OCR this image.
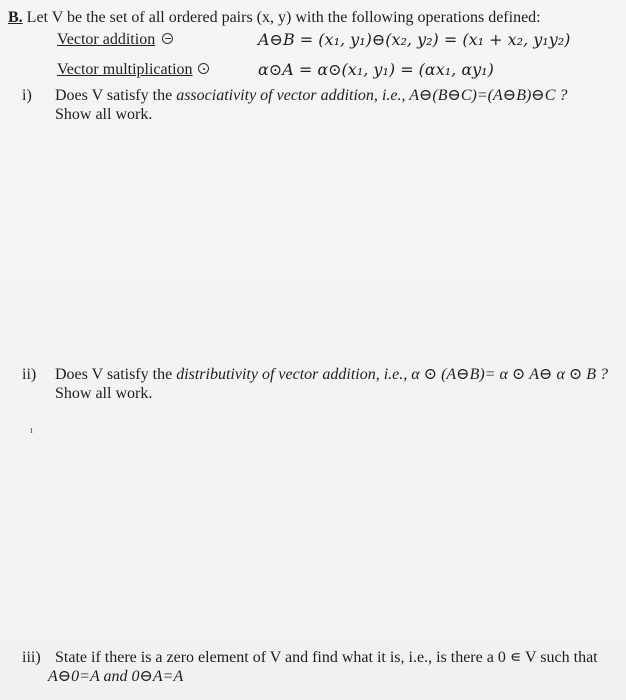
B. Let V be the set of all ordered pairs (x, y) with the following operations defined:
Vector addition	A⊖B = (x₁, y₁)⊖(x₂, y₂) = (x₁ + x₂, y₁y₂)
Vector multiplication	α⊙A = α⊙(x₁, y₁) = (αx₁, αy₁)
i) Does V satisfy the associativity of vector addition, i.e., A⊖(B⊖C)=(A⊖B)⊖C ?
Show all work.
ii) Does V satisfy the distributivity of vector addition, i.e., α ⊙ (A⊖B)= α ⊙ A⊖ α ⊙ B ?
Show all work.
ı
iii) State if there is a zero element of V and find what it is, i.e., is there a 0 ∊ V such that
A⊖0=A and 0⊖A=A
